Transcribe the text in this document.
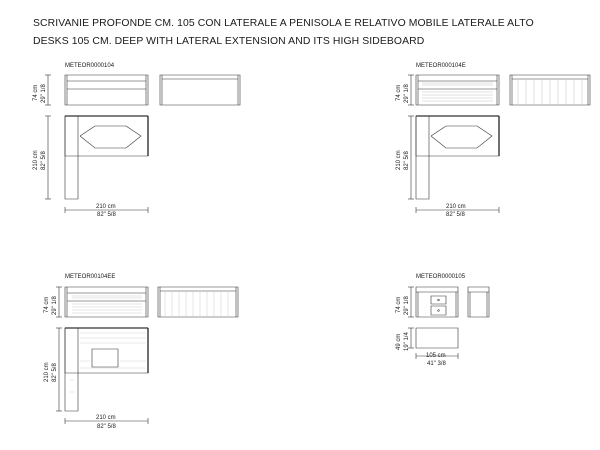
SCRIVANIE PROFONDE CM. 105 CON LATERALE A PENISOLA E RELATIVO MOBILE LATERALE ALTO
DESKS 105 CM. DEEP WITH LATERAL EXTENSION AND ITS HIGH SIDEBOARD
METEOR0000104
74 cm 29" 1/8
210 cm 82" 5/8
210 cm
82" 5/8
METEOR000104E
74 cm 29" 1/8
210 cm 82" 5/8
210 cm
82" 5/8
METEOR00104EE
74 cm 29" 1/8
210 cm 82" 5/8
210 cm
82" 5/8
METEOR0000105
74 cm 29" 1/8
49 cm 19" 1/4
105 cm
41" 3/8
